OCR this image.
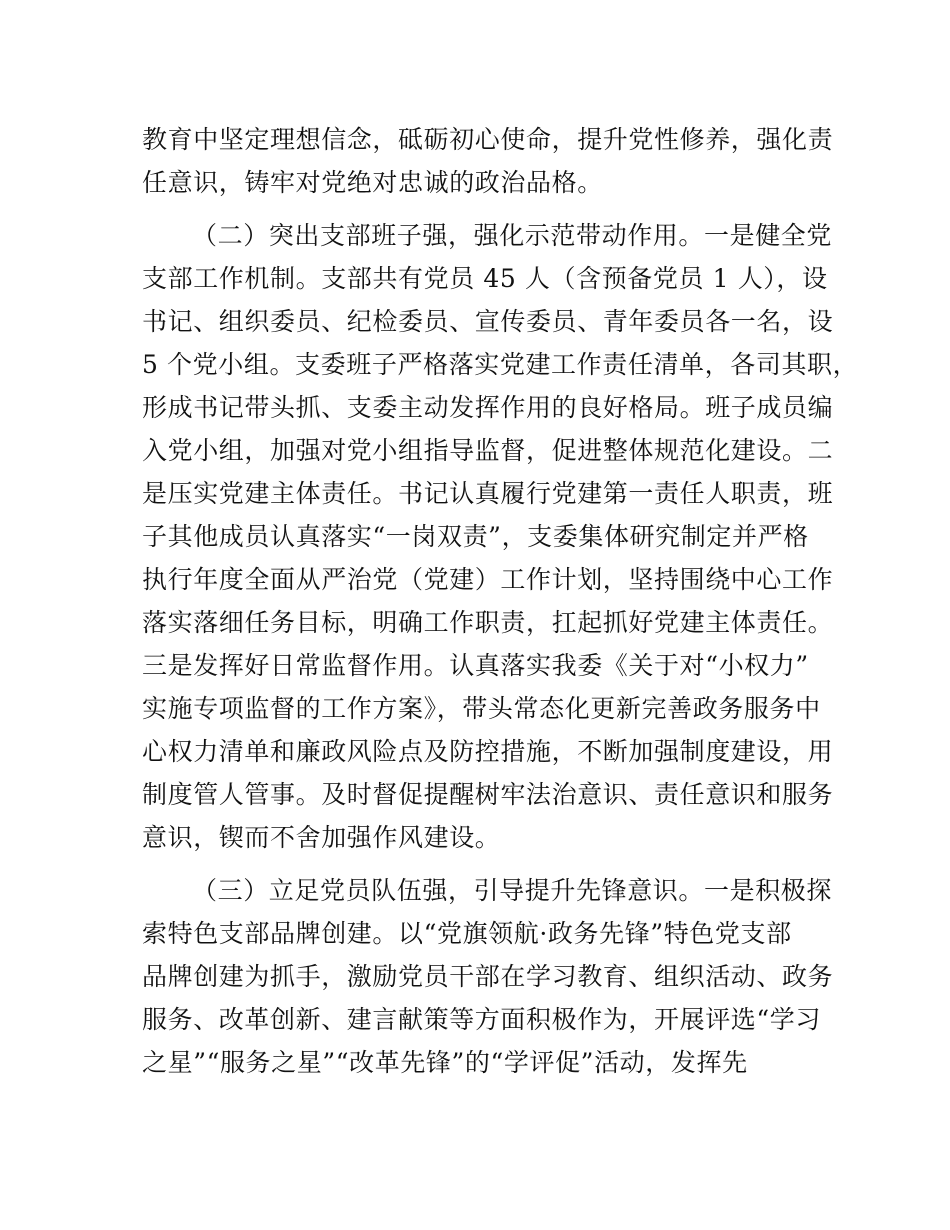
教育中坚定理想信念，砥砺初心使命，提升党性修养，强化责
任意识，铸牢对党绝对忠诚的政治品格。
（二）突出支部班子强，强化示范带动作用。一是健全党
支部工作机制。支部共有党员 45 人（含预备党员 1 人），设
书记、组织委员、纪检委员、宣传委员、青年委员各一名，设
5 个党小组。支委班子严格落实党建工作责任清单，各司其职，
形成书记带头抓、支委主动发挥作用的良好格局。班子成员编
入党小组，加强对党小组指导监督，促进整体规范化建设。二
是压实党建主体责任。书记认真履行党建第一责任人职责，班
子其他成员认真落实“一岗双责”，支委集体研究制定并严格
执行年度全面从严治党（党建）工作计划，坚持围绕中心工作
落实落细任务目标，明确工作职责，扛起抓好党建主体责任。
三是发挥好日常监督作用。认真落实我委《关于对“小权力”
实施专项监督的工作方案》，带头常态化更新完善政务服务中
心权力清单和廉政风险点及防控措施，不断加强制度建设，用
制度管人管事。及时督促提醒树牢法治意识、责任意识和服务
意识，锲而不舍加强作风建设。
（三）立足党员队伍强，引导提升先锋意识。一是积极探
索特色支部品牌创建。以“党旗领航·政务先锋”特色党支部
品牌创建为抓手，激励党员干部在学习教育、组织活动、政务
服务、改革创新、建言献策等方面积极作为，开展评选“学习
之星”“服务之星”“改革先锋”的“学评促”活动，发挥先
